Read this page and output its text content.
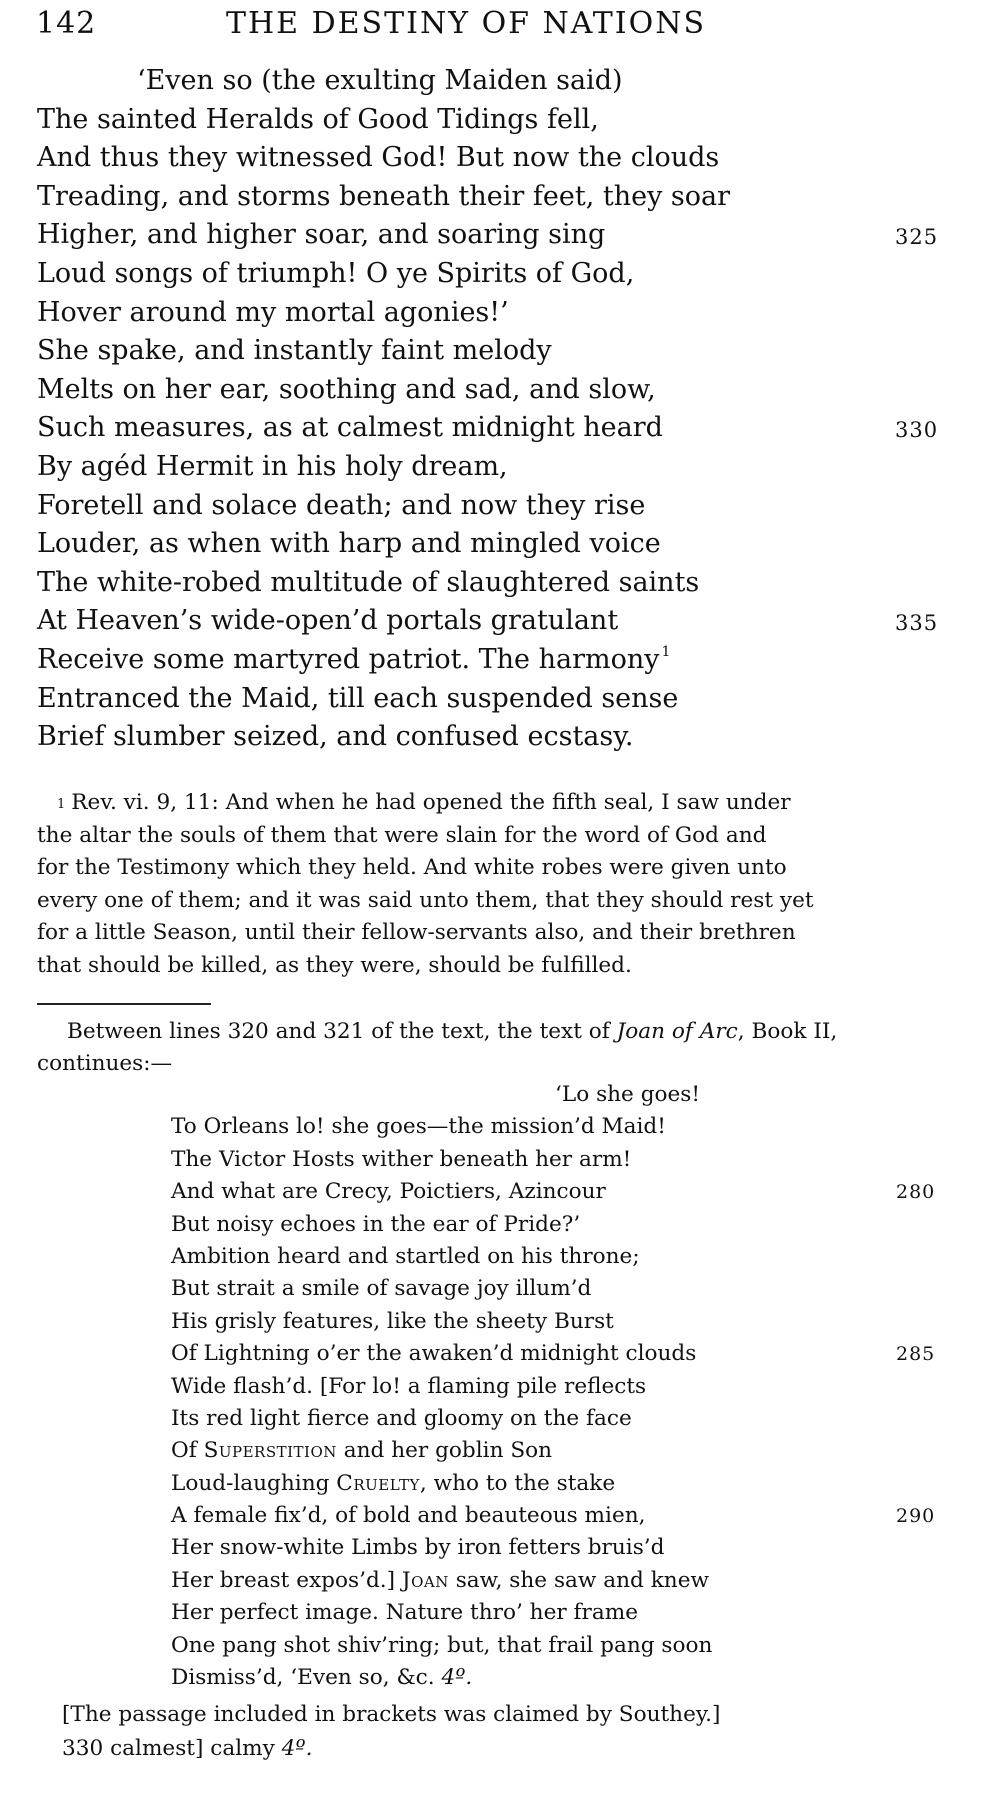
142	THE DESTINY OF NATIONS
‘Even so (the exulting Maiden said)
The sainted Heralds of Good Tidings fell,
And thus they witnessed God! But now the clouds
Treading, and storms beneath their feet, they soar
Higher, and higher soar, and soaring sing	325
Loud songs of triumph! O ye Spirits of God,
Hover around my mortal agonies!’
She spake, and instantly faint melody
Melts on her ear, soothing and sad, and slow,
Such measures, as at calmest midnight heard	330
By agéd Hermit in his holy dream,
Foretell and solace death; and now they rise
Louder, as when with harp and mingled voice
The white-robed multitude of slaughtered saints
At Heaven’s wide-open’d portals gratulant	335
Receive some martyred patriot. The harmony $^1$
Entranced the Maid, till each suspended sense
Brief slumber seized, and confused ecstasy.
$^1$ Rev. vi. 9, 11: And when he had opened the fifth seal, I saw under
the altar the souls of them that were slain for the word of God and
for the Testimony which they held. And white robes were given unto
every one of them; and it was said unto them, that they should rest yet
for a little Season, until their fellow-servants also, and their brethren
that should be killed, as they were, should be fulfilled.
Between lines 320 and 321 of the text, the text of Joan of Arc, Book II,
continues:—
‘Lo she goes!
To Orleans lo! she goes—the mission’d Maid!
The Victor Hosts wither beneath her arm!
And what are Crecy, Poictiers, Azincour	280
But noisy echoes in the ear of Pride?’
Ambition heard and startled on his throne;
But strait a smile of savage joy illum’d
His grisly features, like the sheety Burst
Of Lightning o’er the awaken’d midnight clouds	285
Wide flash’d. [For lo! a flaming pile reflects
Its red light fierce and gloomy on the face
Of Superstition and her goblin Son
Loud-laughing Cruelty, who to the stake
A female fix’d, of bold and beauteous mien,	290
Her snow-white Limbs by iron fetters bruis’d
Her breast expos’d.] Joan saw, she saw and knew
Her perfect image. Nature thro’ her frame
One pang shot shiv’ring; but, that frail pang soon
Dismiss’d, ‘Even so, &c. 4º.
[The passage included in brackets was claimed by Southey.]
330 calmest] calmy 4º.
